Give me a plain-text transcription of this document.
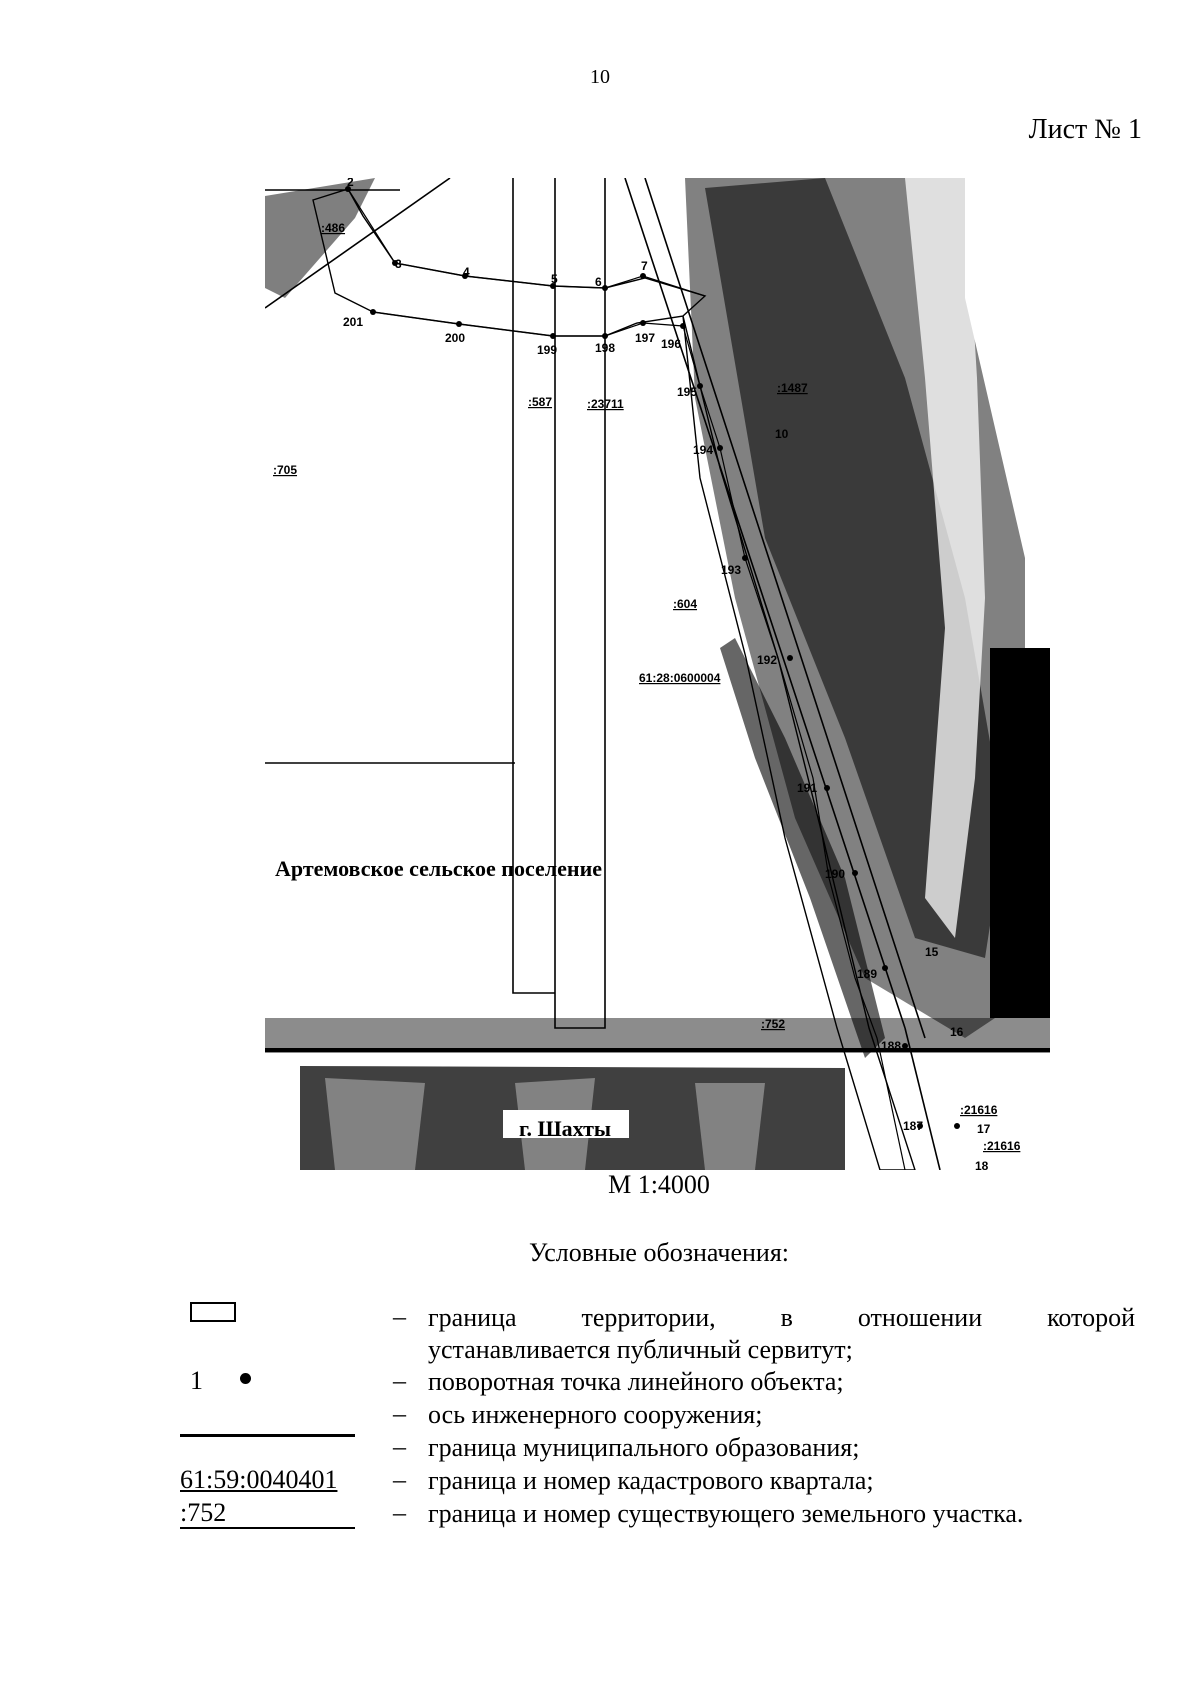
10
Лист № 1
2
3
4	5	6
7
201
200
199	198
197 196
195
194
193
192
191
190
189
188
187
15
16
17
18
10
:486
:587	:23711
:1487
:705
:604
61:28:0600004
:752
:21616
:21616
Артемовское сельское поселение
г. Шахты
М 1:4000
Условные обозначения:
– граница территории, в отношении которой
устанавливается публичный сервитут;
1	– поворотная точка линейного объекта;
– ось инженерного сооружения;
– граница муниципального образования;
61:59:0040401 – граница и номер кадастрового квартала;
:752	– граница и номер существующего земельного участка.
